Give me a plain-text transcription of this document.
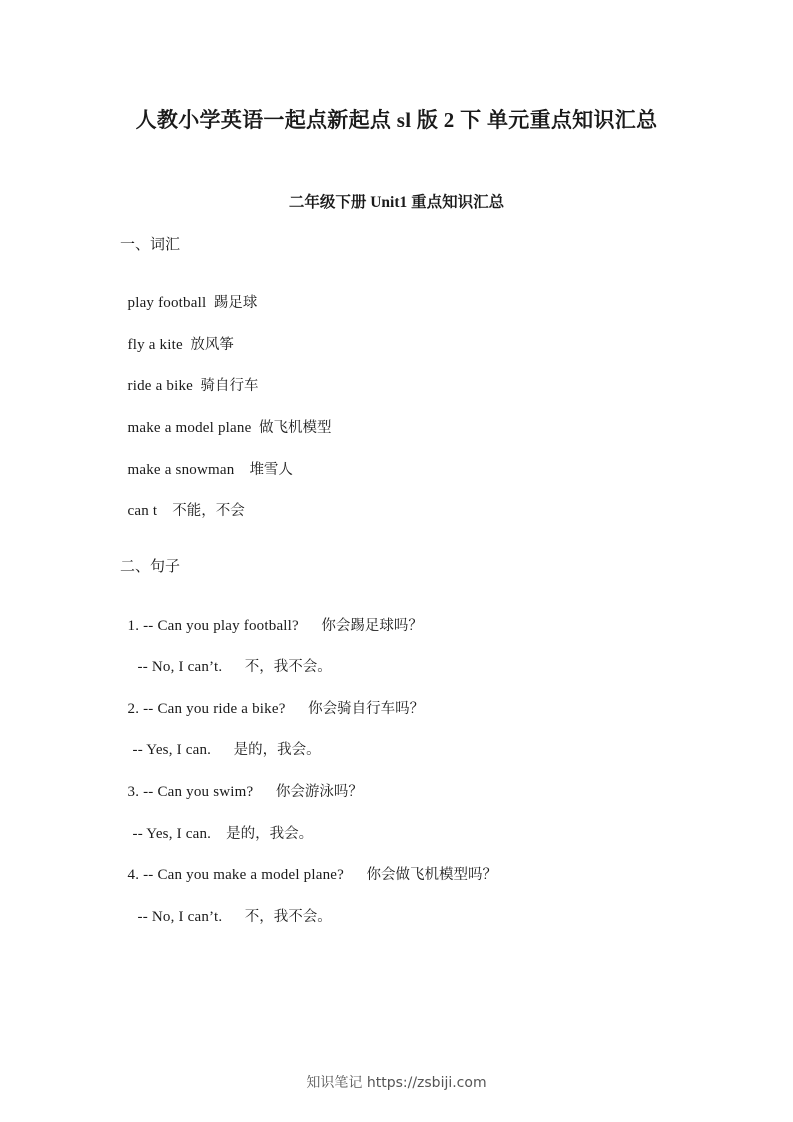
人教小学英语一起点新起点 sl 版 2 下 单元重点知识汇总
二年级下册 Unit1 重点知识汇总
一、词汇

play football 踢足球

fly a kite 放风筝

ride a bike 骑自行车

make a model plane 做飞机模型

make a snowman 堆雪人

can t 不能，不会

二、句子

1. -- Can you play football? 你会踢足球吗？

-- No, I can’t. 不，我不会。

2. -- Can you ride a bike? 你会骑自行车吗？

-- Yes, I can. 是的，我会。

3. -- Can you swim? 你会游泳吗？

-- Yes, I can. 是的，我会。

4. -- Can you make a model plane? 你会做飞机模型吗？

-- No, I can’t. 不，我不会。

知识笔记 https://zsbiji.com
